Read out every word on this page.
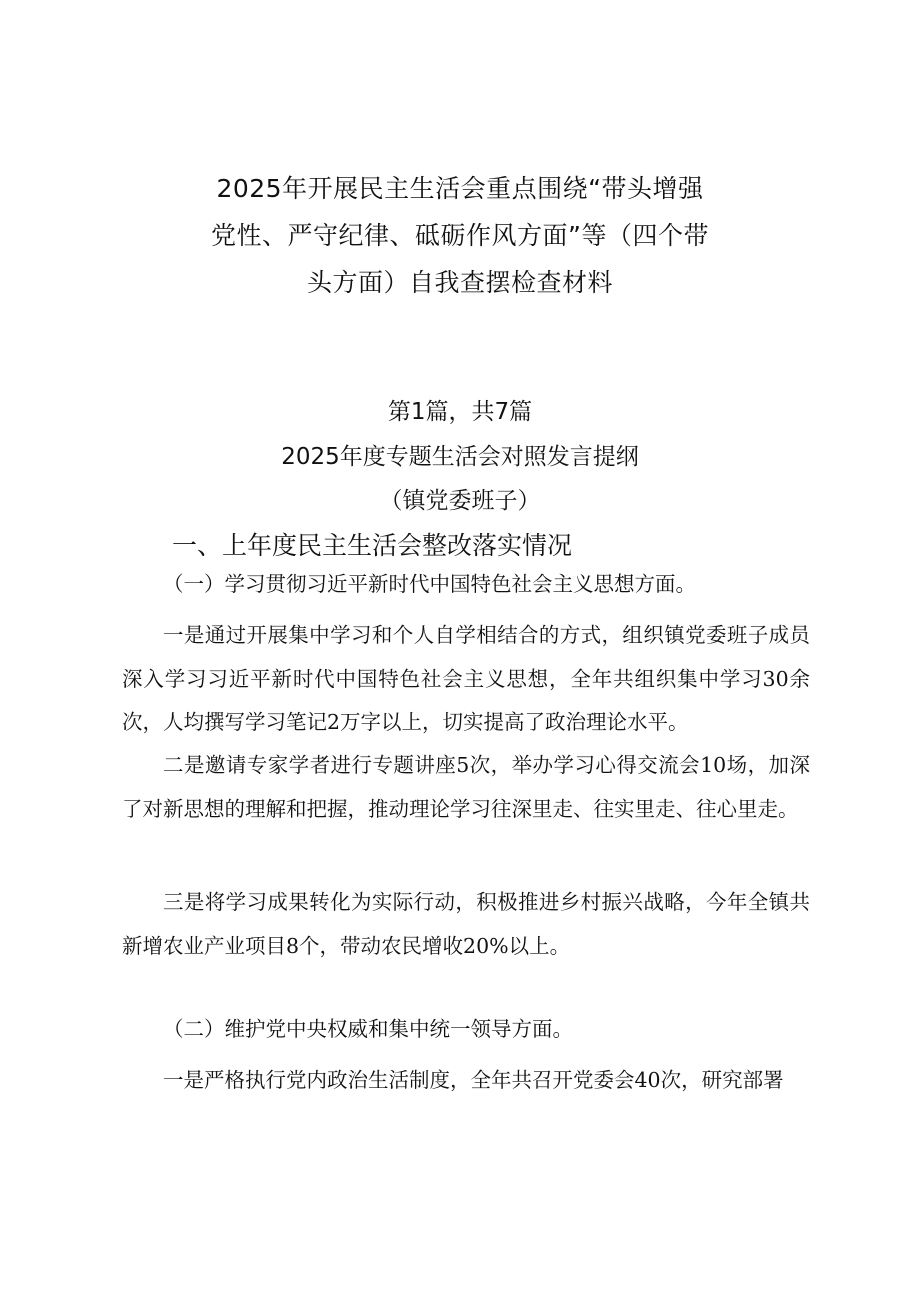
2025年开展民主生活会重点围绕“带头增强
党性、严守纪律、砥砺作风方面”等（四个带
头方面）自我查摆检查材料
第1篇，共7篇
2025年度专题生活会对照发言提纲
（镇党委班子）
一、上年度民主生活会整改落实情况
（一）学习贯彻习近平新时代中国特色社会主义思想方面。
一是通过开展集中学习和个人自学相结合的方式，组织镇党委班子成员深入学习习近平新时代中国特色社会主义思想，全年共组织集中学习30余次，人均撰写学习笔记2万字以上，切实提高了政治理论水平。
二是邀请专家学者进行专题讲座5次，举办学习心得交流会10场，加深了对新思想的理解和把握，推动理论学习往深里走、往实里走、往心里走。
三是将学习成果转化为实际行动，积极推进乡村振兴战略，今年全镇共新增农业产业项目8个，带动农民增收20%以上。
（二）维护党中央权威和集中统一领导方面。
一是严格执行党内政治生活制度，全年共召开党委会40次，研究部署
